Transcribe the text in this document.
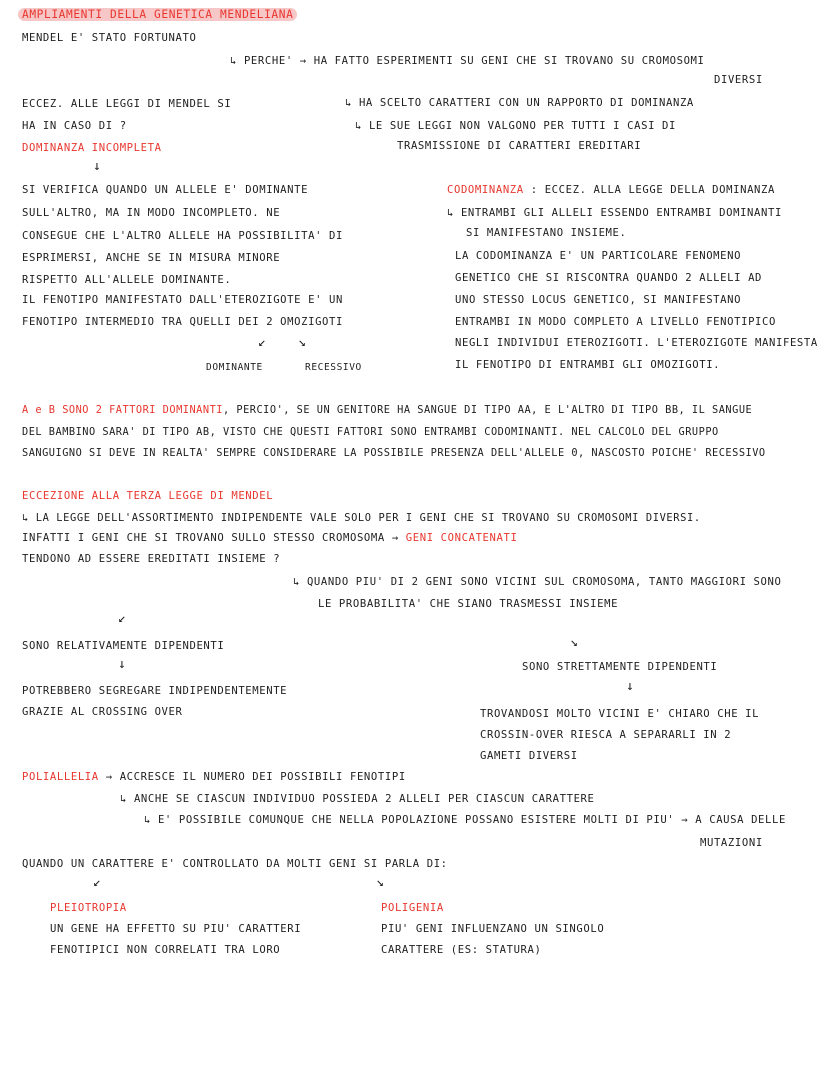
AMPLIAMENTI DELLA GENETICA MENDELIANA
MENDEL E' STATO FORTUNATO
↳ PERCHE' → HA FATTO ESPERIMENTI SU GENI CHE SI TROVANO SU CROMOSOMI
DIVERSI
↳ HA SCELTO CARATTERI CON UN RAPPORTO DI DOMINANZA
↳ LE SUE LEGGI NON VALGONO PER TUTTI I CASI DI
TRASMISSIONE DI CARATTERI EREDITARI
ECCEZ. ALLE LEGGI DI MENDEL SI
HA IN CASO DI ?
DOMINANZA INCOMPLETA
↓
SI VERIFICA QUANDO UN ALLELE E' DOMINANTE
SULL'ALTRO, MA IN MODO INCOMPLETO. NE
CONSEGUE CHE L'ALTRO ALLELE HA POSSIBILITA' DI
ESPRIMERSI, ANCHE SE IN MISURA MINORE
RISPETTO ALL'ALLELE DOMINANTE.
IL FENOTIPO MANIFESTATO DALL'ETEROZIGOTE E' UN
FENOTIPO INTERMEDIO TRA QUELLI DEI 2 OMOZIGOTI
↙ ↘
DOMINANTE	RECESSIVO
CODOMINANZA : ECCEZ. ALLA LEGGE DELLA DOMINANZA
↳ ENTRAMBI GLI ALLELI ESSENDO ENTRAMBI DOMINANTI
SI MANIFESTANO INSIEME.
LA CODOMINANZA E' UN PARTICOLARE FENOMENO
GENETICO CHE SI RISCONTRA QUANDO 2 ALLELI AD
UNO STESSO LOCUS GENETICO, SI MANIFESTANO
ENTRAMBI IN MODO COMPLETO A LIVELLO FENOTIPICO
NEGLI INDIVIDUI ETEROZIGOTI. L'ETEROZIGOTE MANIFESTA
IL FENOTIPO DI ENTRAMBI GLI OMOZIGOTI.
A e B SONO 2 FATTORI DOMINANTI, PERCIO', SE UN GENITORE HA SANGUE DI TIPO AA, E L'ALTRO DI TIPO BB, IL SANGUE
DEL BAMBINO SARA' DI TIPO AB, VISTO CHE QUESTI FATTORI SONO ENTRAMBI CODOMINANTI. NEL CALCOLO DEL GRUPPO
SANGUIGNO SI DEVE IN REALTA' SEMPRE CONSIDERARE LA POSSIBILE PRESENZA DELL'ALLELE 0, NASCOSTO POICHE' RECESSIVO
ECCEZIONE ALLA TERZA LEGGE DI MENDEL
↳ LA LEGGE DELL'ASSORTIMENTO INDIPENDENTE VALE SOLO PER I GENI CHE SI TROVANO SU CROMOSOMI DIVERSI.
INFATTI I GENI CHE SI TROVANO SULLO STESSO CROMOSOMA → GENI CONCATENATI
TENDONO AD ESSERE EREDITATI INSIEME ?
↳ QUANDO PIU' DI 2 GENI SONO VICINI SUL CROMOSOMA, TANTO MAGGIORI SONO
LE PROBABILITA' CHE SIANO TRASMESSI INSIEME
↙
SONO RELATIVAMENTE DIPENDENTI
↓
POTREBBERO SEGREGARE INDIPENDENTEMENTE
GRAZIE AL CROSSING OVER
↘
SONO STRETTAMENTE DIPENDENTI
↓
TROVANDOSI MOLTO VICINI E' CHIARO CHE IL
CROSSIN-OVER RIESCA A SEPARARLI IN 2
GAMETI DIVERSI
POLIALLELIA → ACCRESCE IL NUMERO DEI POSSIBILI FENOTIPI
↳ ANCHE SE CIASCUN INDIVIDUO POSSIEDA 2 ALLELI PER CIASCUN CARATTERE
↳ E' POSSIBILE COMUNQUE CHE NELLA POPOLAZIONE POSSANO ESISTERE MOLTI DI PIU' → A CAUSA DELLE
MUTAZIONI
QUANDO UN CARATTERE E' CONTROLLATO DA MOLTI GENI SI PARLA DI:
↙	↘
PLEIOTROPIA
UN GENE HA EFFETTO SU PIU' CARATTERI
FENOTIPICI NON CORRELATI TRA LORO
POLIGENIA
PIU' GENI INFLUENZANO UN SINGOLO
CARATTERE (ES: STATURA)
